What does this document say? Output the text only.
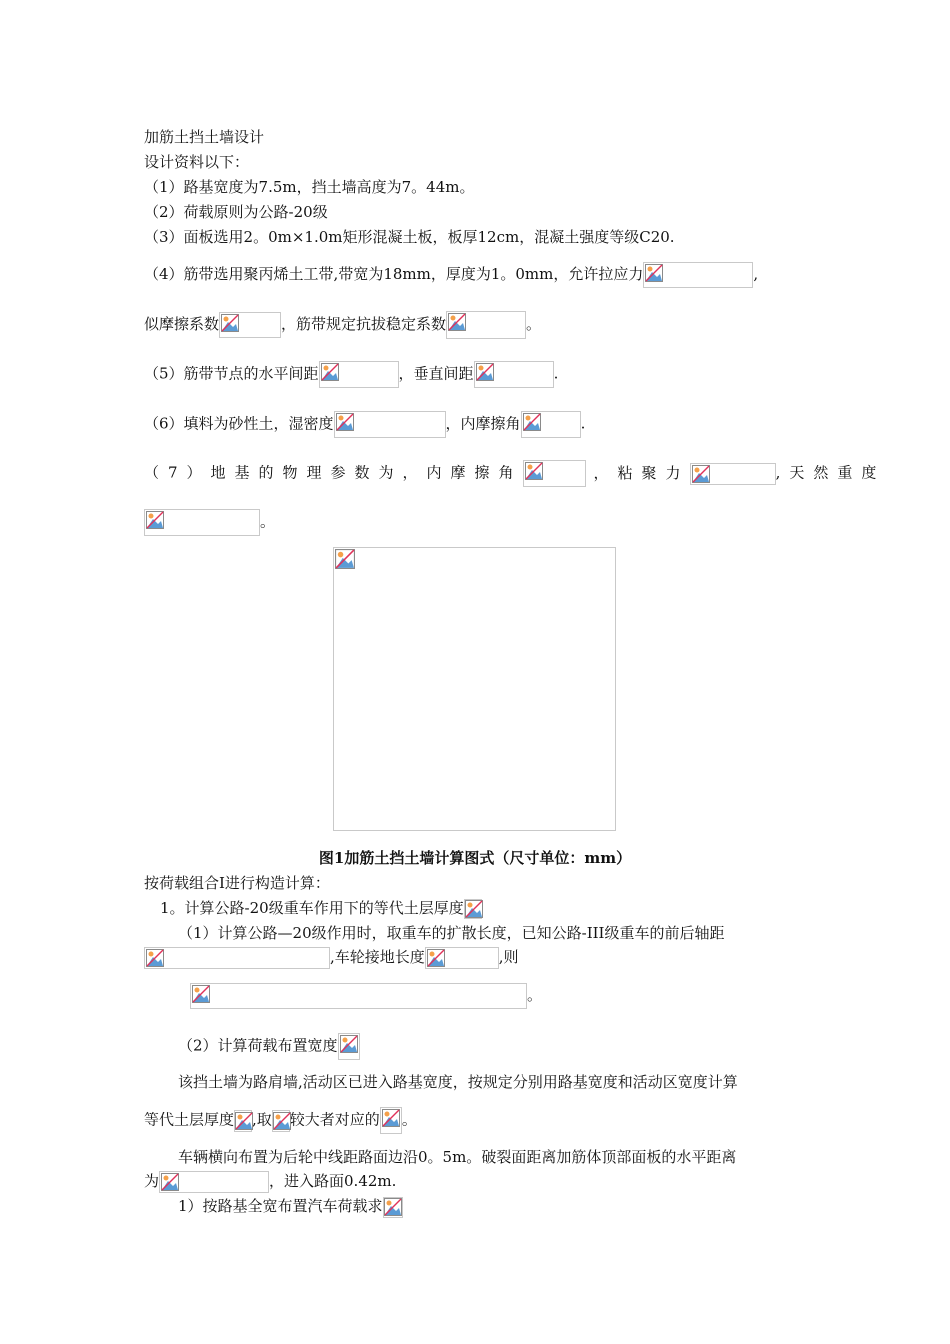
加筋土挡土墙设计
设计资料以下：
（1）路基宽度为7.5m，挡土墙高度为7。44m。
（2）荷载原则为公路-20级
（3）面板选用2。0m×1.0m矩形混凝土板，板厚12cm，混凝土强度等级C20.
（4）筋带选用聚丙烯土工带,带宽为18mm，厚度为1。0mm，允许拉应力	,
似摩擦系数	，筋带规定抗拔稳定系数	。
（5）筋带节点的水平间距	，垂直间距	.
（6）填料为砂性土，湿密度	，内摩擦角	.
（7）地基的物理参数为，内摩擦角	，粘聚力	,天然重度
。
图1加筋土挡土墙计算图式（尺寸单位：mm）
按荷载组合Ⅰ进行构造计算：
1。计算公路-20级重车作用下的等代土层厚度
（1）计算公路—20级作用时，取重车的扩散长度，已知公路-III级重车的前后轴距
,车轮接地长度	,则
。
（2）计算荷载布置宽度
该挡土墙为路肩墙,活动区已进入路基宽度，按规定分别用路基宽度和活动区宽度计算
等代土层厚度 ,取 较大者对应的 。
车辆横向布置为后轮中线距路面边沿0。5m。破裂面距离加筋体顶部面板的水平距离
为	，进入路面0.42m.
1）按路基全宽布置汽车荷载求
